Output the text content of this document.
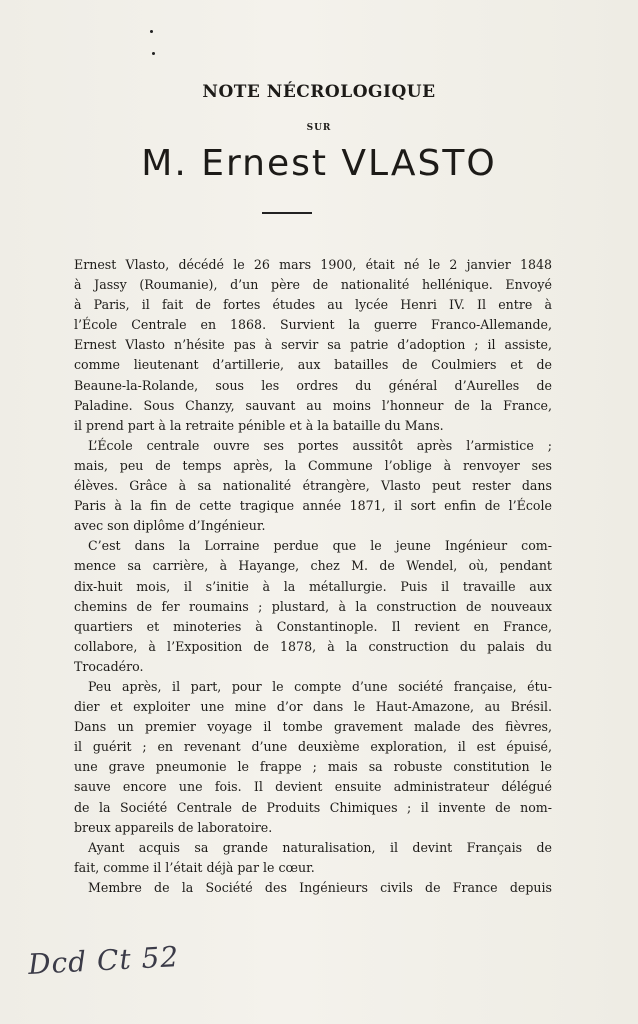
NOTE NÉCROLOGIQUE
SUR
M. Ernest VLASTO
Ernest Vlasto, décédé le 26 mars 1900, était né le 2 janvier 1848
à Jassy (Roumanie), d’un père de nationalité hellénique. Envoyé
à Paris, il fait de fortes études au lycée Henri IV. Il entre à
l’École Centrale en 1868. Survient la guerre Franco-Allemande,
Ernest Vlasto n’hésite pas à servir sa patrie d’adoption ; il assiste,
comme lieutenant d’artillerie, aux batailles de Coulmiers et de
Beaune-la-Rolande, sous les ordres du général d’Aurelles de
Paladine. Sous Chanzy, sauvant au moins l’honneur de la France,
il prend part à la retraite pénible et à la bataille du Mans.
L’École centrale ouvre ses portes aussitôt après l’armistice ;
mais, peu de temps après, la Commune l’oblige à renvoyer ses
élèves. Grâce à sa nationalité étrangère, Vlasto peut rester dans
Paris à la fin de cette tragique année 1871, il sort enfin de l’École
avec son diplôme d’Ingénieur.
C’est dans la Lorraine perdue que le jeune Ingénieur com-
mence sa carrière, à Hayange, chez M. de Wendel, où, pendant
dix-huit mois, il s’initie à la métallurgie. Puis il travaille aux
chemins de fer roumains ; plustard, à la construction de nouveaux
quartiers et minoteries à Constantinople. Il revient en France,
collabore, à l’Exposition de 1878, à la construction du palais du
Trocadéro.
Peu après, il part, pour le compte d’une société française, étu-
dier et exploiter une mine d’or dans le Haut-Amazone, au Brésil.
Dans un premier voyage il tombe gravement malade des fièvres,
il guérit ; en revenant d’une deuxième exploration, il est épuisé,
une grave pneumonie le frappe ; mais sa robuste constitution le
sauve encore une fois. Il devient ensuite administrateur délégué
de la Société Centrale de Produits Chimiques ; il invente de nom-
breux appareils de laboratoire.
Ayant acquis sa grande naturalisation, il devint Français de
fait, comme il l’était déjà par le cœur.
Membre de la Société des Ingénieurs civils de France depuis
Dcd Ct 52
